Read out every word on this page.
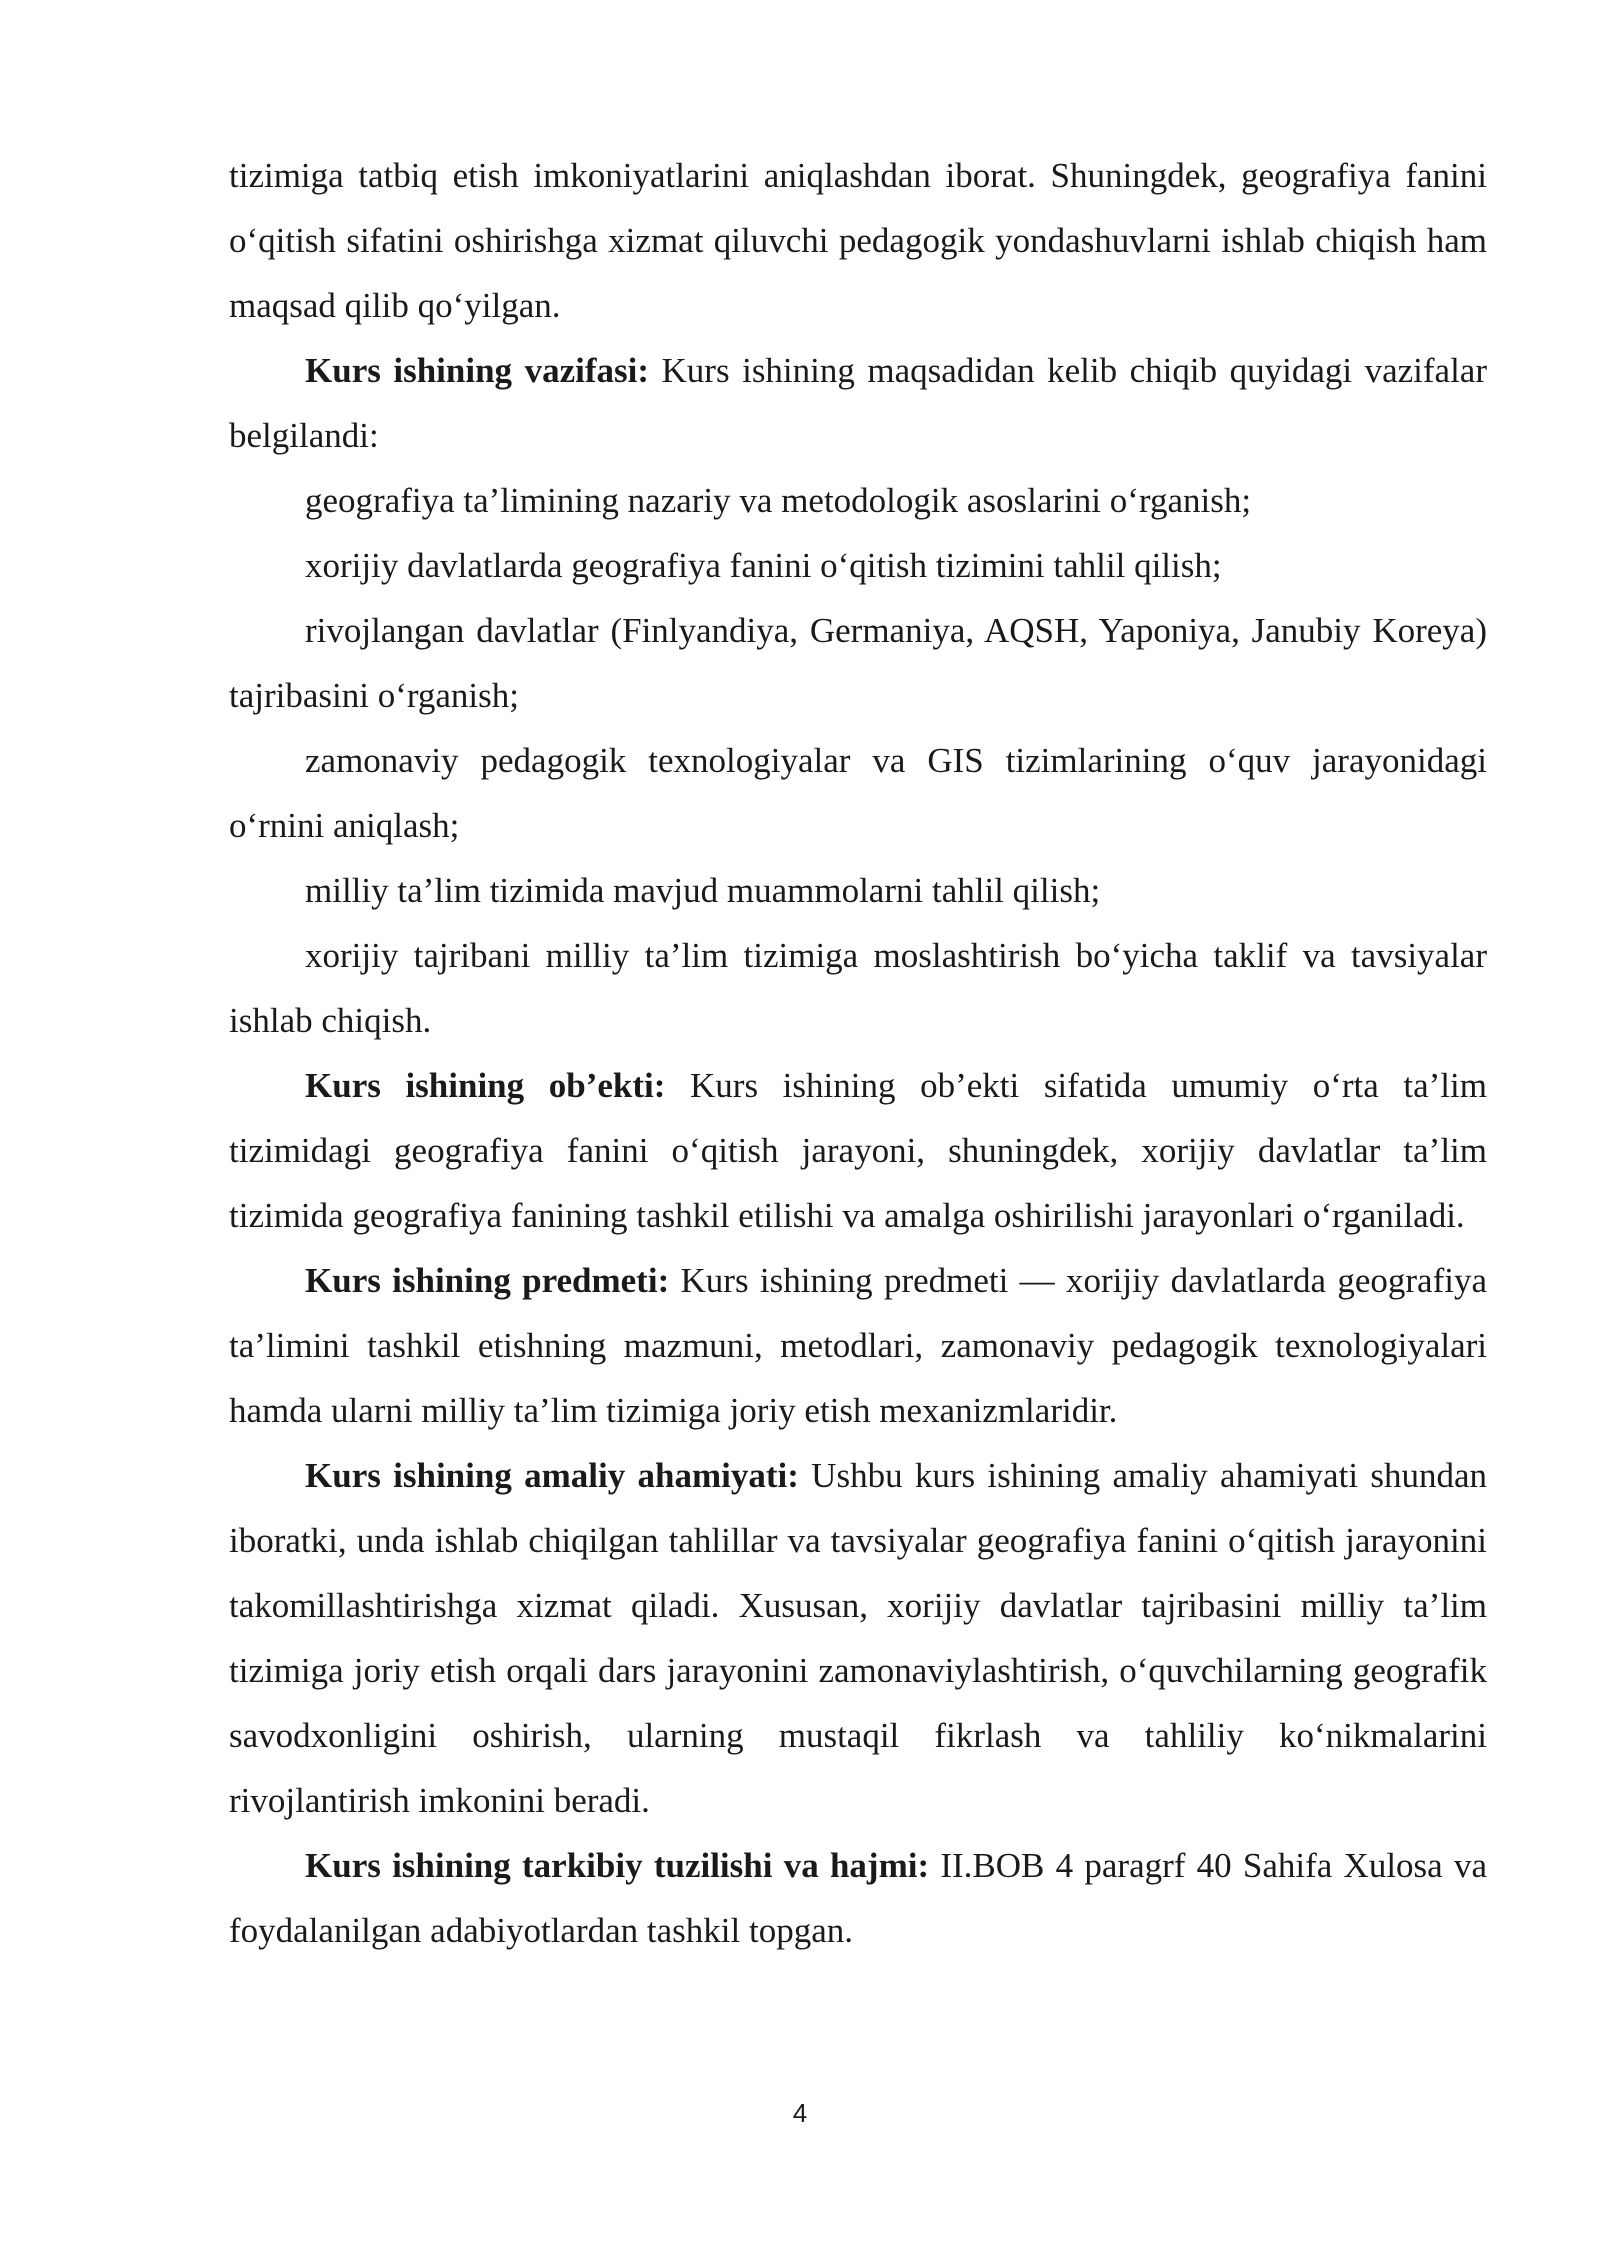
tizimiga tatbiq etish imkoniyatlarini aniqlashdan iborat. Shuningdek, geografiya fanini o‘qitish sifatini oshirishga xizmat qiluvchi pedagogik yondashuvlarni ishlab chiqish ham maqsad qilib qo‘yilgan.

Kurs ishining vazifasi: Kurs ishining maqsadidan kelib chiqib quyidagi vazifalar belgilandi:

geografiya ta’limining nazariy va metodologik asoslarini o‘rganish;

xorijiy davlatlarda geografiya fanini o‘qitish tizimini tahlil qilish;

rivojlangan davlatlar (Finlyandiya, Germaniya, AQSH, Yaponiya, Janubiy Koreya) tajribasini o‘rganish;

zamonaviy pedagogik texnologiyalar va GIS tizimlarining o‘quv jarayonidagi o‘rnini aniqlash;

milliy ta’lim tizimida mavjud muammolarni tahlil qilish;

xorijiy tajribani milliy ta’lim tizimiga moslashtirish bo‘yicha taklif va tavsiyalar ishlab chiqish.

Kurs ishining ob’ekti: Kurs ishining ob’ekti sifatida umumiy o‘rta ta’lim tizimidagi geografiya fanini o‘qitish jarayoni, shuningdek, xorijiy davlatlar ta’lim tizimida geografiya fanining tashkil etilishi va amalga oshirilishi jarayonlari o‘rganiladi.

Kurs ishining predmeti: Kurs ishining predmeti — xorijiy davlatlarda geografiya ta’limini tashkil etishning mazmuni, metodlari, zamonaviy pedagogik texnologiyalari hamda ularni milliy ta’lim tizimiga joriy etish mexanizmlaridir.

Kurs ishining amaliy ahamiyati: Ushbu kurs ishining amaliy ahamiyati shundan iboratki, unda ishlab chiqilgan tahlillar va tavsiyalar geografiya fanini o‘qitish jarayonini takomillashtirishga xizmat qiladi. Xususan, xorijiy davlatlar tajribasini milliy ta’lim tizimiga joriy etish orqali dars jarayonini zamonaviylashtirish, o‘quvchilarning geografik savodxonligini oshirish, ularning mustaqil fikrlash va tahliliy ko‘nikmalarini rivojlantirish imkonini beradi.

Kurs ishining tarkibiy tuzilishi va hajmi: II.BOB 4 paragrf 40 Sahifa Xulosa va foydalanilgan adabiyotlardan tashkil topgan.

4
